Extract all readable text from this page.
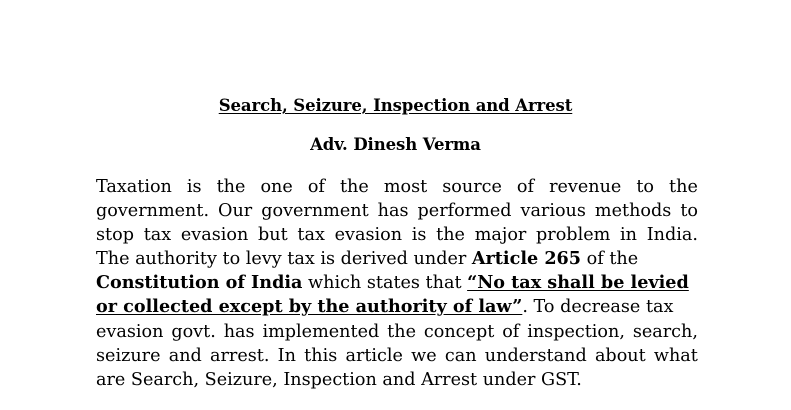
Search, Seizure, Inspection and Arrest
Adv. Dinesh Verma
Taxation is the one of the most source of revenue to the
government. Our government has performed various methods to
stop tax evasion but tax evasion is the major problem in India.
The authority to levy tax is derived under Article 265 of the
Constitution of India which states that “No tax shall be levied
or collected except by the authority of law”. To decrease tax
evasion govt. has implemented the concept of inspection, search,
seizure and arrest. In this article we can understand about what
are Search, Seizure, Inspection and Arrest under GST.
